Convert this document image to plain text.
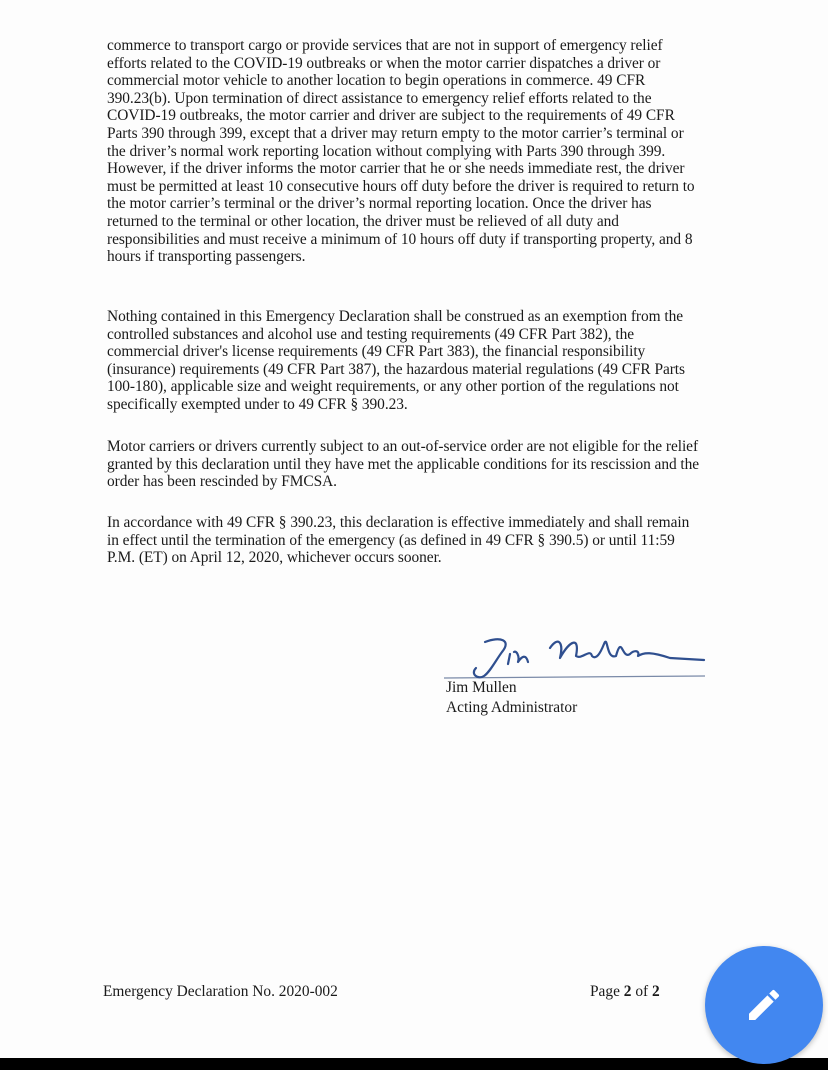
commerce to transport cargo or provide services that are not in support of emergency relief
efforts related to the COVID-19 outbreaks or when the motor carrier dispatches a driver or
commercial motor vehicle to another location to begin operations in commerce. 49 CFR
390.23(b). Upon termination of direct assistance to emergency relief efforts related to the
COVID-19 outbreaks, the motor carrier and driver are subject to the requirements of 49 CFR
Parts 390 through 399, except that a driver may return empty to the motor carrier’s terminal or
the driver’s normal work reporting location without complying with Parts 390 through 399.
However, if the driver informs the motor carrier that he or she needs immediate rest, the driver
must be permitted at least 10 consecutive hours off duty before the driver is required to return to
the motor carrier’s terminal or the driver’s normal reporting location. Once the driver has
returned to the terminal or other location, the driver must be relieved of all duty and
responsibilities and must receive a minimum of 10 hours off duty if transporting property, and 8
hours if transporting passengers.

Nothing contained in this Emergency Declaration shall be construed as an exemption from the
controlled substances and alcohol use and testing requirements (49 CFR Part 382), the
commercial driver's license requirements (49 CFR Part 383), the financial responsibility
(insurance) requirements (49 CFR Part 387), the hazardous material regulations (49 CFR Parts
100-180), applicable size and weight requirements, or any other portion of the regulations not
specifically exempted under to 49 CFR § 390.23.

Motor carriers or drivers currently subject to an out-of-service order are not eligible for the relief
granted by this declaration until they have met the applicable conditions for its rescission and the
order has been rescinded by FMCSA.

In accordance with 49 CFR § 390.23, this declaration is effective immediately and shall remain
in effect until the termination of the emergency (as defined in 49 CFR § 390.5) or until 11:59
P.M. (ET) on April 12, 2020, whichever occurs sooner.

Jim Mullen
Acting Administrator
Emergency Declaration No. 2020-002	Page 2 of 2
